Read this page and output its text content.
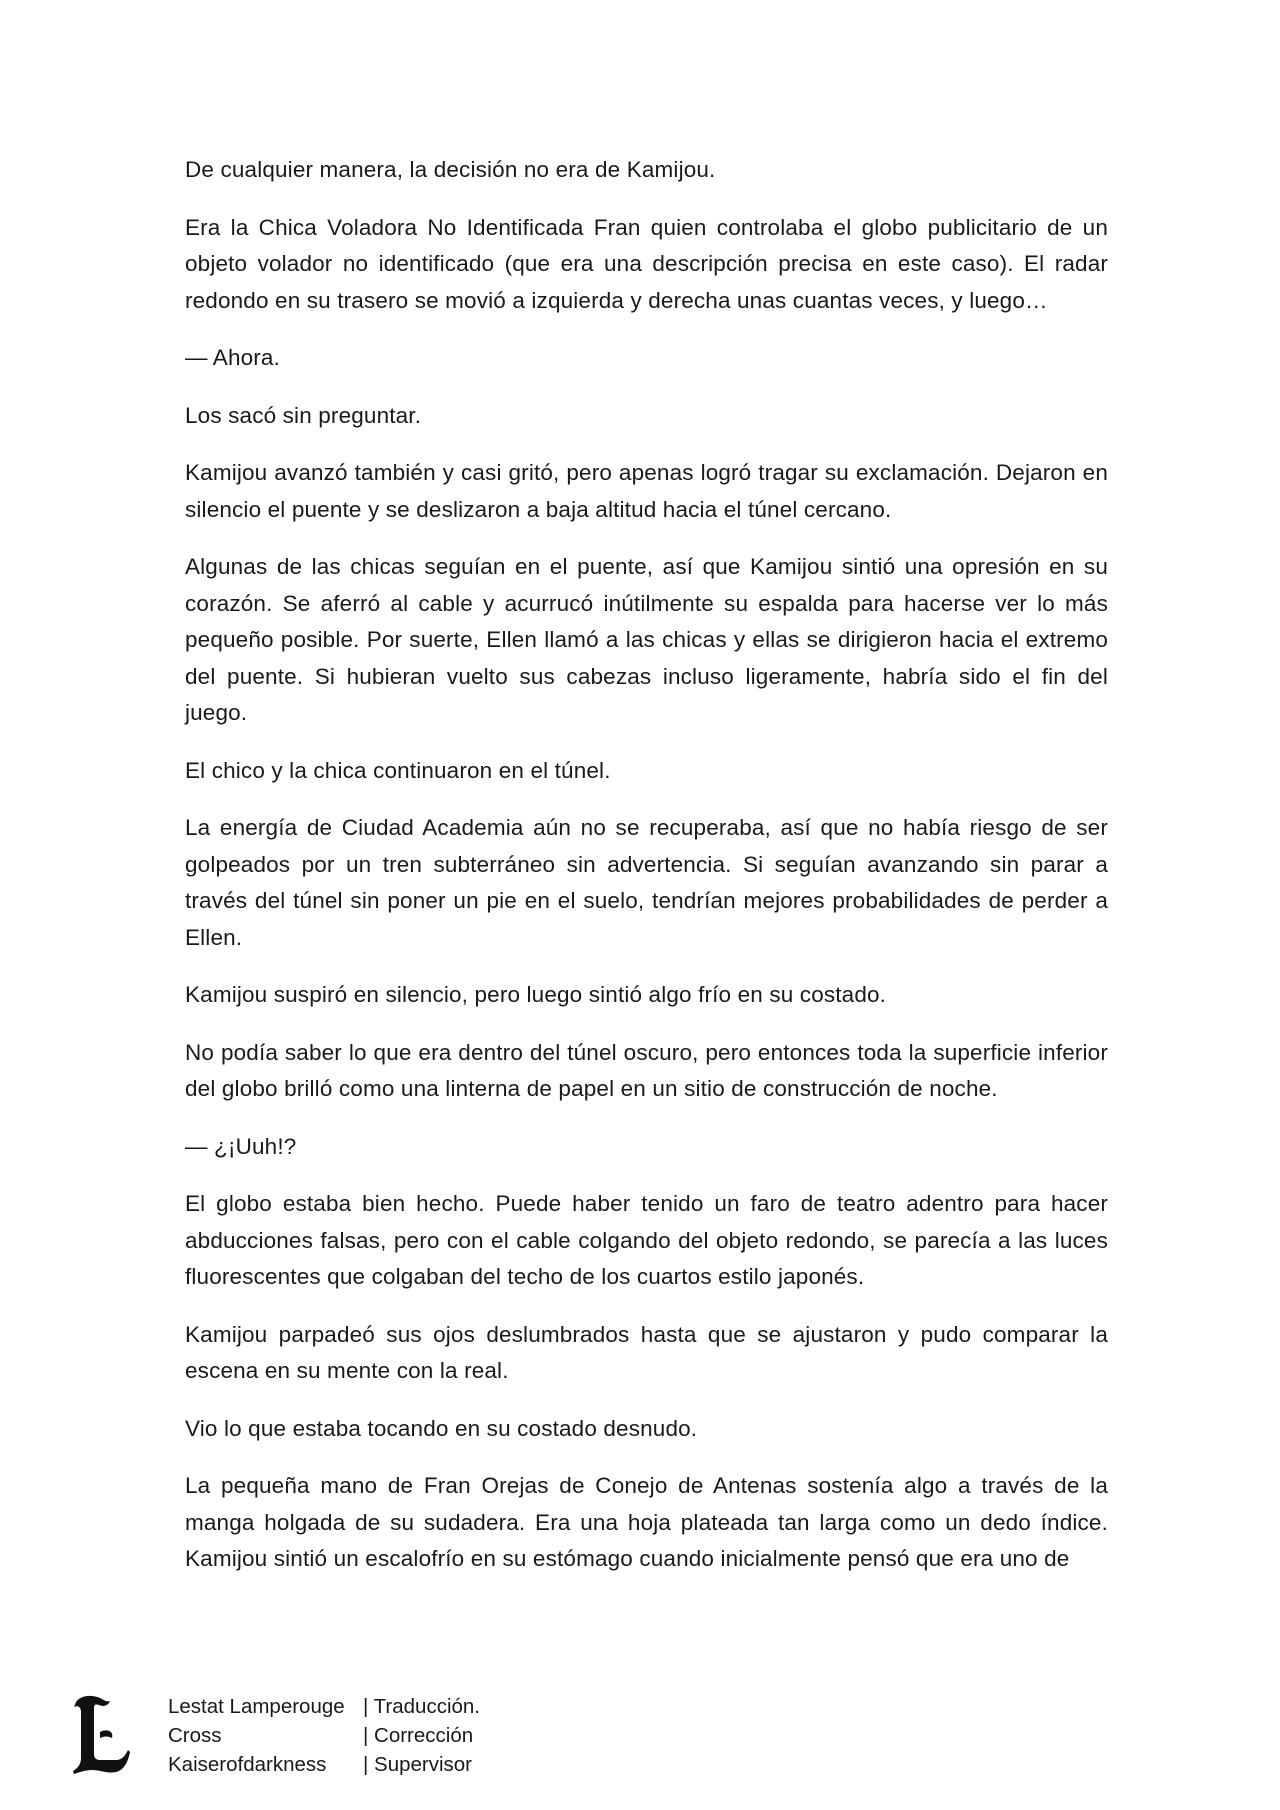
De cualquier manera, la decisión no era de Kamijou.

Era la Chica Voladora No Identificada Fran quien controlaba el globo publicitario de un objeto volador no identificado (que era una descripción precisa en este caso). El radar redondo en su trasero se movió a izquierda y derecha unas cuantas veces, y luego…

— Ahora.

Los sacó sin preguntar.

Kamijou avanzó también y casi gritó, pero apenas logró tragar su exclamación. Dejaron en silencio el puente y se deslizaron a baja altitud hacia el túnel cercano.

Algunas de las chicas seguían en el puente, así que Kamijou sintió una opresión en su corazón. Se aferró al cable y acurrucó inútilmente su espalda para hacerse ver lo más pequeño posible. Por suerte, Ellen llamó a las chicas y ellas se dirigieron hacia el extremo del puente. Si hubieran vuelto sus cabezas incluso ligeramente, habría sido el fin del juego.

El chico y la chica continuaron en el túnel.

La energía de Ciudad Academia aún no se recuperaba, así que no había riesgo de ser golpeados por un tren subterráneo sin advertencia. Si seguían avanzando sin parar a través del túnel sin poner un pie en el suelo, tendrían mejores probabilidades de perder a Ellen.

Kamijou suspiró en silencio, pero luego sintió algo frío en su costado.

No podía saber lo que era dentro del túnel oscuro, pero entonces toda la superficie inferior del globo brilló como una linterna de papel en un sitio de construcción de noche.

— ¿¡Uuh!?

El globo estaba bien hecho. Puede haber tenido un faro de teatro adentro para hacer abducciones falsas, pero con el cable colgando del objeto redondo, se parecía a las luces fluorescentes que colgaban del techo de los cuartos estilo japonés.

Kamijou parpadeó sus ojos deslumbrados hasta que se ajustaron y pudo comparar la escena en su mente con la real.

Vio lo que estaba tocando en su costado desnudo.

La pequeña mano de Fran Orejas de Conejo de Antenas sostenía algo a través de la manga holgada de su sudadera. Era una hoja plateada tan larga como un dedo índice. Kamijou sintió un escalofrío en su estómago cuando inicialmente pensó que era uno de

Lestat Lamperouge | Traducción.
Cross	| Corrección
Kaiserofdarkness	| Supervisor
